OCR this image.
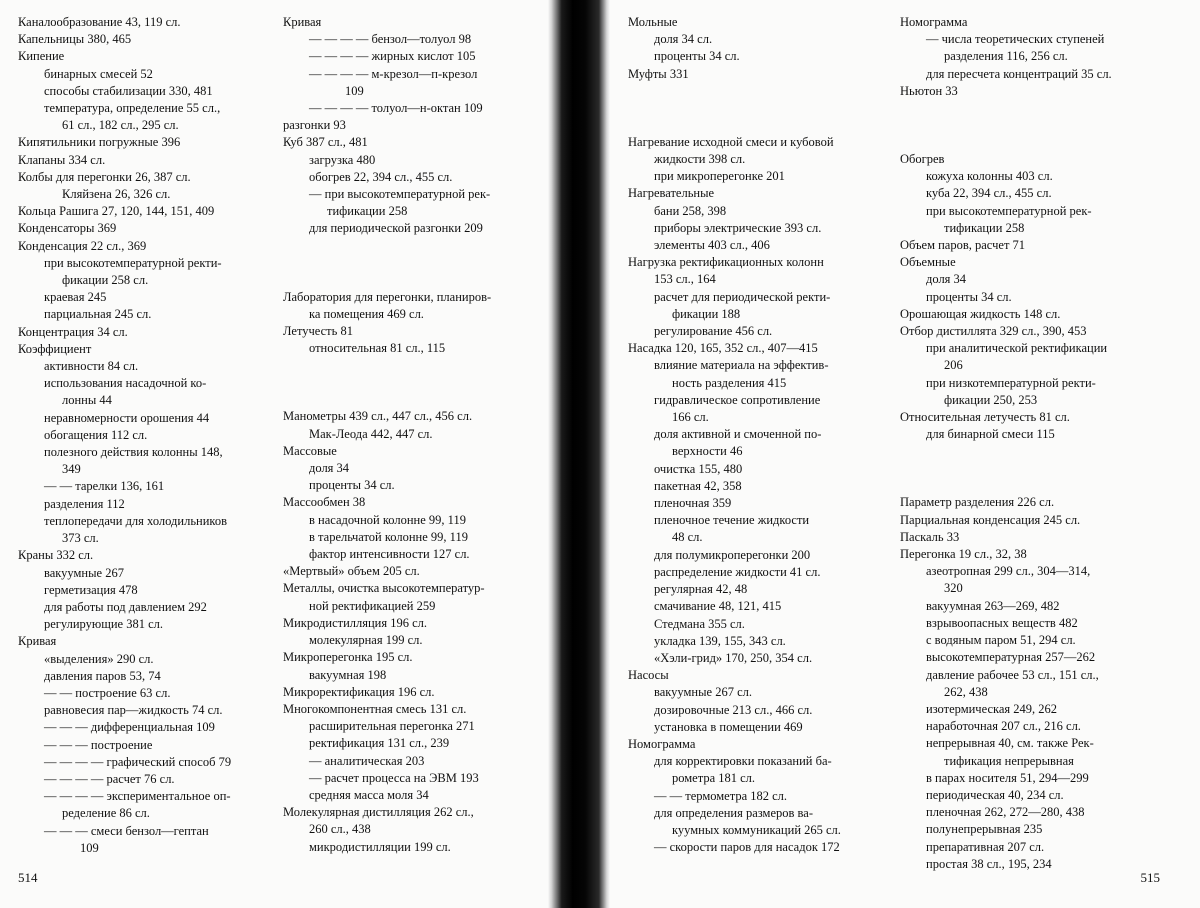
Каналообразование 43, 119 сл.
Капельницы 380, 465
Кипение
бинарных смесей 52
способы стабилизации 330, 481
температура, определение 55 сл.,
61 сл., 182 сл., 295 сл.
Кипятильники погружные 396
Клапаны 334 сл.
Колбы для перегонки 26, 387 сл.
Кляйзена 26, 326 сл.
Кольца Рашига 27, 120, 144, 151, 409
Конденсаторы 369
Конденсация 22 сл., 369
при высокотемпературной ректи-
фикации 258 сл.
краевая 245
парциальная 245 сл.
Концентрация 34 сл.
Коэффициент
активности 84 сл.
использования насадочной ко-
лонны 44
неравномерности орошения 44
обогащения 112 сл.
полезного действия колонны 148,
349
— — тарелки 136, 161
разделения 112
теплопередачи для холодильников
373 сл.
Краны 332 сл.
вакуумные 267
герметизация 478
для работы под давлением 292
регулирующие 381 сл.
Кривая
«выделения» 290 сл.
давления паров 53, 74
— — построение 63 сл.
равновесия пар—жидкость 74 сл.
— — — дифференциальная 109
— — — построение
— — — — графический способ 79
— — — — расчет 76 сл.
— — — — экспериментальное оп-
ределение 86 сл.
— — — смеси бензол—гептан
109
Кривая
— — — — бензол—толуол 98
— — — — жирных кислот 105
— — — — м-крезол—п-крезол
109
— — — — толуол—н-октан 109
разгонки 93
Куб 387 сл., 481
загрузка 480
обогрев 22, 394 сл., 455 сл.
— при высокотемпературной рек-
тификации 258
для периодической разгонки 209
Лаборатория для перегонки, планиров-
ка помещения 469 сл.
Летучесть 81
относительная 81 сл., 115
Манометры 439 сл., 447 сл., 456 сл.
Мак-Леода 442, 447 сл.
Массовые
доля 34
проценты 34 сл.
Массообмен 38
в насадочной колонне 99, 119
в тарельчатой колонне 99, 119
фактор интенсивности 127 сл.
«Мертвый» объем 205 сл.
Металлы, очистка высокотемператур-
ной ректификацией 259
Микродистилляция 196 сл.
молекулярная 199 сл.
Микроперегонка 195 сл.
вакуумная 198
Микроректификация 196 сл.
Многокомпонентная смесь 131 сл.
расширительная перегонка 271
ректификация 131 сл., 239
— аналитическая 203
— расчет процесса на ЭВМ 193
средняя масса моля 34
Молекулярная дистилляция 262 сл.,
260 сл., 438
микродистилляции 199 сл.
514
Мольные
доля 34 сл.
проценты 34 сл.
Муфты 331
Нагревание исходной смеси и кубовой
жидкости 398 сл.
при микроперегонке 201
Нагревательные
бани 258, 398
приборы электрические 393 сл.
элементы 403 сл., 406
Нагрузка ректификационных колонн
153 сл., 164
расчет для периодической ректи-
фикации 188
регулирование 456 сл.
Насадка 120, 165, 352 сл., 407—415
влияние материала на эффектив-
ность разделения 415
гидравлическое сопротивление
166 сл.
доля активной и смоченной по-
верхности 46
очистка 155, 480
пакетная 42, 358
пленочная 359
пленочное течение жидкости
48 сл.
для полумикроперегонки 200
распределение жидкости 41 сл.
регулярная 42, 48
смачивание 48, 121, 415
Стедмана 355 сл.
укладка 139, 155, 343 сл.
«Хэли-грид» 170, 250, 354 сл.
Насосы
вакуумные 267 сл.
дозировочные 213 сл., 466 сл.
установка в помещении 469
Номограмма
для корректировки показаний ба-
рометра 181 сл.
— — термометра 182 сл.
для определения размеров ва-
куумных коммуникаций 265 сл.
— скорости паров для насадок 172
Номограмма
— числа теоретических ступеней
разделения 116, 256 сл.
для пересчета концентраций 35 сл.
Ньютон 33
Обогрев
кожуха колонны 403 сл.
куба 22, 394 сл., 455 сл.
при высокотемпературной рек-
тификации 258
Объем паров, расчет 71
Объемные
доля 34
проценты 34 сл.
Орошающая жидкость 148 сл.
Отбор дистиллята 329 сл., 390, 453
при аналитической ректификации
206
при низкотемпературной ректи-
фикации 250, 253
Относительная летучесть 81 сл.
для бинарной смеси 115
Параметр разделения 226 сл.
Парциальная конденсация 245 сл.
Паскаль 33
Перегонка 19 сл., 32, 38
азеотропная 299 сл., 304—314,
320
вакуумная 263—269, 482
взрывоопасных веществ 482
с водяным паром 51, 294 сл.
высокотемпературная 257—262
давление рабочее 53 сл., 151 сл.,
262, 438
изотермическая 249, 262
наработочная 207 сл., 216 сл.
непрерывная 40, см. также Рек-
тификация непрерывная
в парах носителя 51, 294—299
периодическая 40, 234 сл.
пленочная 262, 272—280, 438
полунепрерывная 235
препаративная 207 сл.
простая 38 сл., 195, 234
515
